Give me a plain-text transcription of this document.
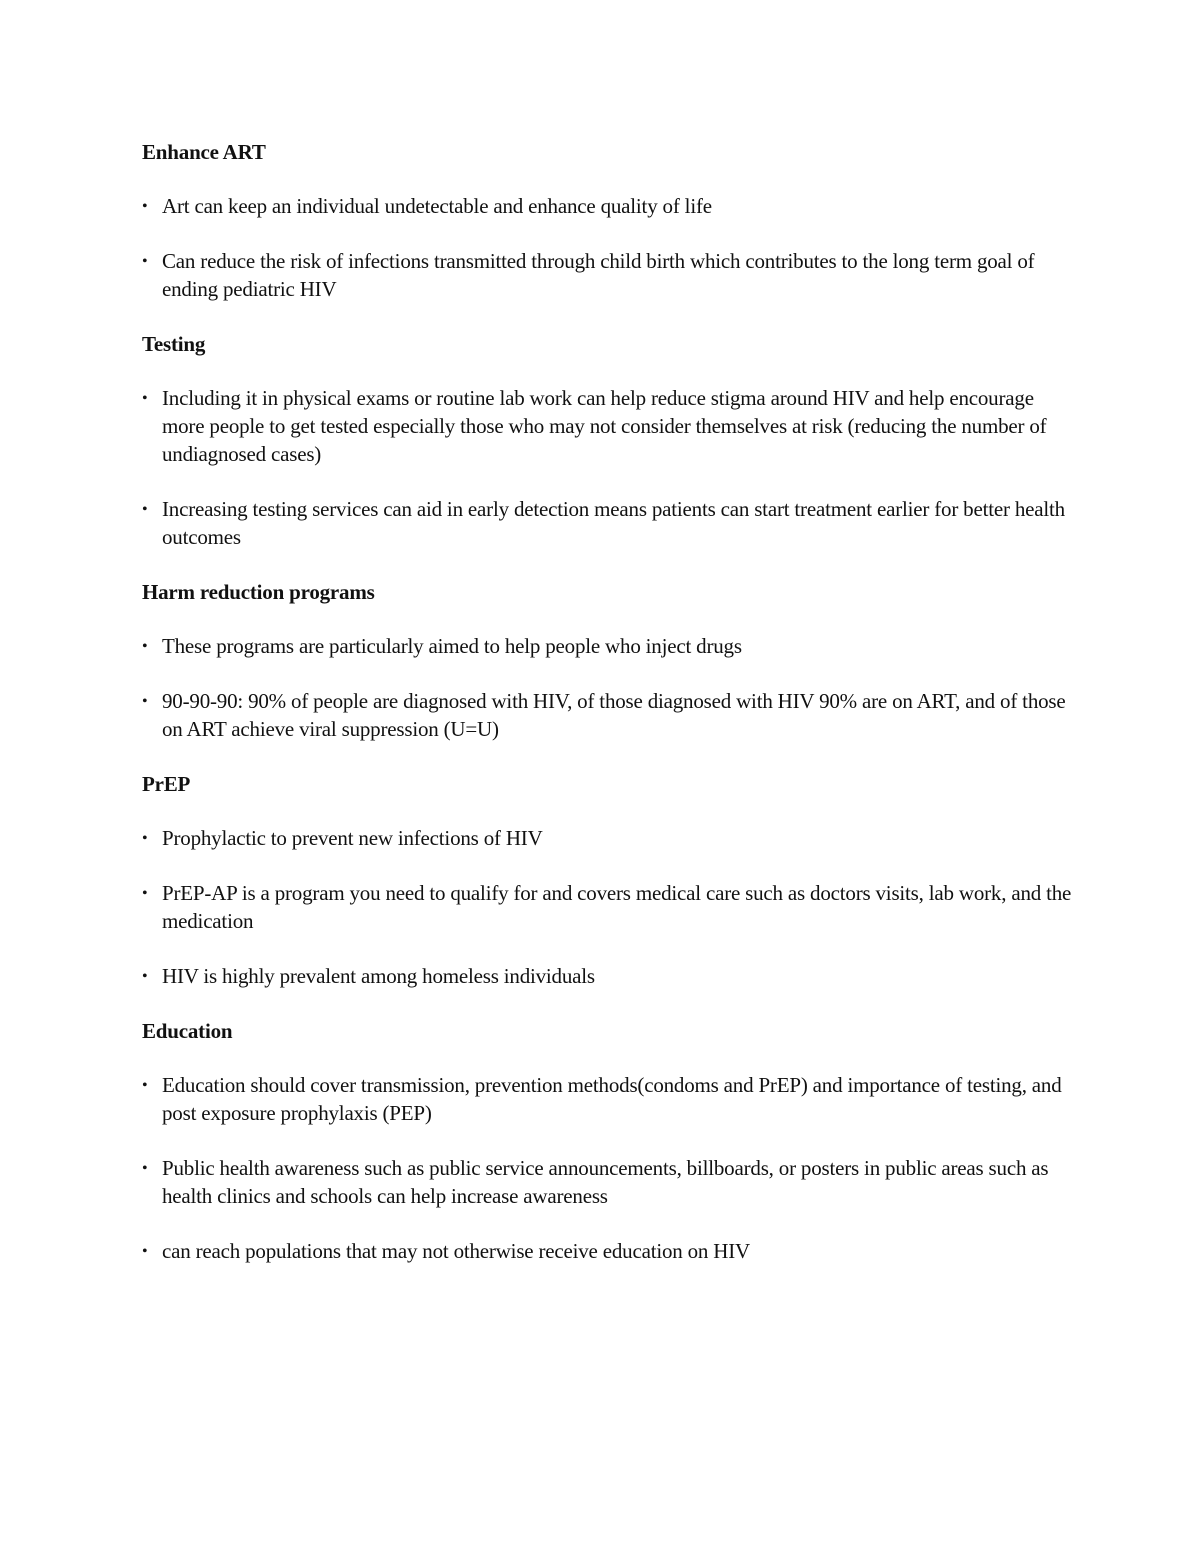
Enhance ART
• Art can keep an individual undetectable and enhance quality of life
• Can reduce the risk of infections transmitted through child birth which contributes to the long term goal of ending pediatric HIV
Testing
• Including it in physical exams or routine lab work can help reduce stigma around HIV and help encourage more people to get tested especially those who may not consider themselves at risk (reducing the number of undiagnosed cases)
• Increasing testing services can aid in early detection means patients can start treatment earlier for better health outcomes
Harm reduction programs
• These programs are particularly aimed to help people who inject drugs
• 90-90-90: 90% of people are diagnosed with HIV, of those diagnosed with HIV 90% are on ART, and of those on ART achieve viral suppression (U=U)
PrEP
• Prophylactic to prevent new infections of HIV
• PrEP-AP is a program you need to qualify for and covers medical care such as doctors visits, lab work, and the medication
• HIV is highly prevalent among homeless individuals
Education
• Education should cover transmission, prevention methods(condoms and PrEP) and importance of testing, and post exposure prophylaxis (PEP)
• Public health awareness such as public service announcements, billboards, or posters in public areas such as health clinics and schools can help increase awareness
• can reach populations that may not otherwise receive education on HIV
